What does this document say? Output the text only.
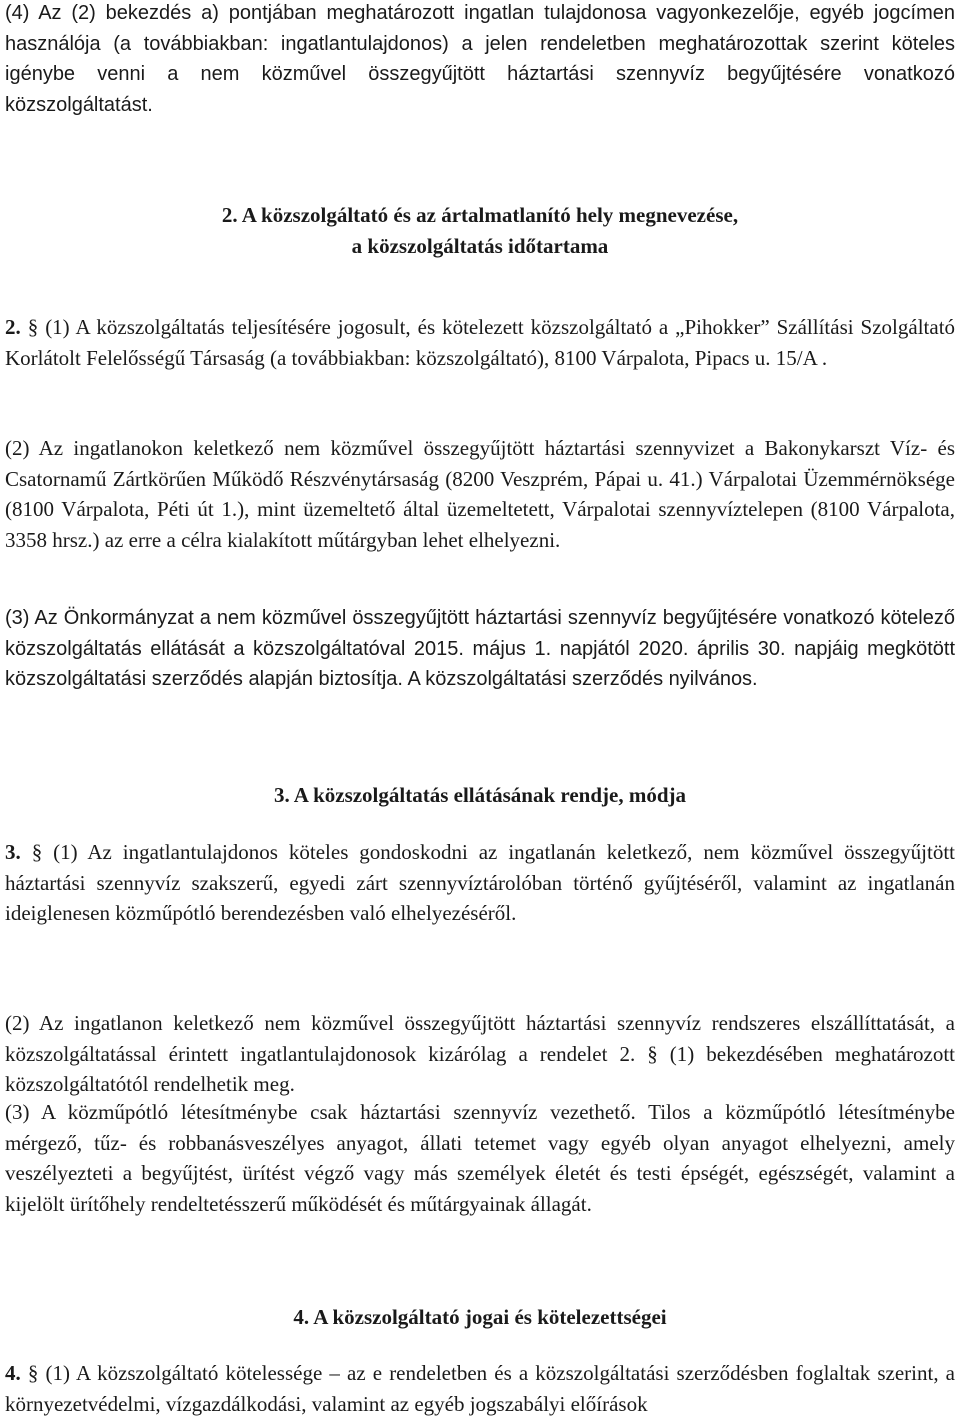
(4) Az (2) bekezdés a) pontjában meghatározott ingatlan tulajdonosa vagyonkezelője, egyéb jogcímen használója (a továbbiakban: ingatlantulajdonos) a jelen rendeletben meghatározottak szerint köteles igénybe venni a nem közművel összegyűjtött háztartási szennyvíz begyűjtésére vonatkozó közszolgáltatást.

2. A közszolgáltató és az ártalmatlanító hely megnevezése,
a közszolgáltatás időtartama

2. § (1) A közszolgáltatás teljesítésére jogosult, és kötelezett közszolgáltató a „Pihokker” Szállítási Szolgáltató Korlátolt Felelősségű Társaság (a továbbiakban: közszolgáltató), 8100 Várpalota, Pipacs u. 15/A .

(2) Az ingatlanokon keletkező nem közművel összegyűjtött háztartási szennyvizet a Bakonykarszt Víz- és Csatornamű Zártkörűen Működő Részvénytársaság (8200 Veszprém, Pápai u. 41.) Várpalotai Üzemmérnöksége (8100 Várpalota, Péti út 1.), mint üzemeltető által üzemeltetett, Várpalotai szennyvíztelepen (8100 Várpalota, 3358 hrsz.) az erre a célra kialakított műtárgyban lehet elhelyezni.

(3) Az Önkormányzat a nem közművel összegyűjtött háztartási szennyvíz begyűjtésére vonatkozó kötelező közszolgáltatás ellátását a közszolgáltatóval 2015. május 1. napjától 2020. április 30. napjáig megkötött közszolgáltatási szerződés alapján biztosítja. A közszolgáltatási szerződés nyilvános.

3. A közszolgáltatás ellátásának rendje, módja

3. § (1) Az ingatlantulajdonos köteles gondoskodni az ingatlanán keletkező, nem közművel összegyűjtött háztartási szennyvíz szakszerű, egyedi zárt szennyvíztárolóban történő gyűjtéséről, valamint az ingatlanán ideiglenesen közműpótló berendezésben való elhelyezéséről.

(2) Az ingatlanon keletkező nem közművel összegyűjtött háztartási szennyvíz rendszeres elszállíttatását, a közszolgáltatással érintett ingatlantulajdonosok kizárólag a rendelet 2. § (1) bekezdésében meghatározott közszolgáltatótól rendelhetik meg.

(3) A közműpótló létesítménybe csak háztartási szennyvíz vezethető. Tilos a közműpótló létesítménybe mérgező, tűz- és robbanásveszélyes anyagot, állati tetemet vagy egyéb olyan anyagot elhelyezni, amely veszélyezteti a begyűjtést, ürítést végző vagy más személyek életét és testi épségét, egészségét, valamint a kijelölt ürítőhely rendeltetésszerű működését és műtárgyainak állagát.

4. A közszolgáltató jogai és kötelezettségei

4. § (1) A közszolgáltató kötelessége – az e rendeletben és a közszolgáltatási szerződésben foglaltak szerint, a környezetvédelmi, vízgazdálkodási, valamint az egyéb jogszabályi előírások
